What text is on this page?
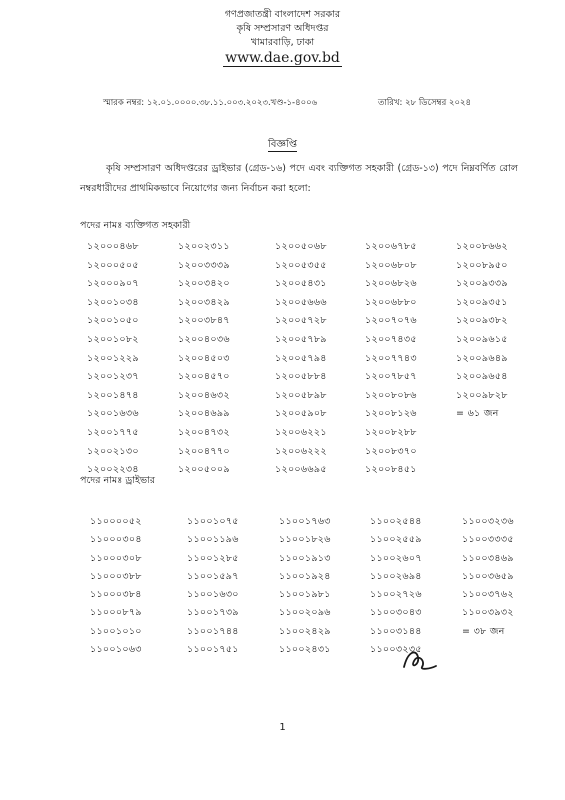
গণপ্রজাতন্ত্রী বাংলাদেশ সরকার
কৃষি সম্প্রসারণ অধিদপ্তর
খামারবাড়ি, ঢাকা
www.dae.gov.bd
স্মারক নম্বর: ১২.০১.০০০০.৩৮.১১.০০৩.২০২৩.খণ্ড-১-৪০০৬	তারিখ: ২৮ ডিসেম্বর ২০২৪
বিজ্ঞপ্তি
কৃষি সম্প্রসারণ অধিদপ্তরের ড্রাইভার (গ্রেড-১৬) পদে এবং ব্যক্তিগত সহকারী (গ্রেড-১৩) পদে নিম্নবর্ণিত রোল নম্বরধারীদের প্রাথমিকভাবে নিয়োগের জন্য নির্বাচন করা হলো:
পদের নামঃ ব্যক্তিগত সহকারী
১২০০০৪৬৮
১২০০০৫০৫
১২০০০৯০৭
১২০০১০৩৪
১২০০১০৫০
১২০০১০৮২
১২০০১২২৯
১২০০১২৩৭
১২০০১৪৭৪
১২০০১৬৩৬
১২০০১৭৭৫
১২০০২১৩০
১২০০২২৩৪
১২০০২৩১১
১২০০৩৩৩৯
১২০০৩৪২০
১২০০৩৪২৯
১২০০৩৮৪৭
১২০০৪০৩৬
১২০০৪৫০৩
১২০০৪৫৭০
১২০০৪৬৩২
১২০০৪৬৯৯
১২০০৪৭৩২
১২০০৪৭৭০
১২০০৫০০৯
১২০০৫০৬৮
১২০০৫৩৫৫
১২০০৫৪৩১
১২০০৫৬৬৬
১২০০৫৭২৮
১২০০৫৭৮৯
১২০০৫৭৯৪
১২০০৫৮৮৪
১২০০৫৮৯৮
১২০০৫৯০৮
১২০০৬২২১
১২০০৬২২২
১২০০৬৬৯৫
১২০০৬৭৮৫
১২০০৬৮০৮
১২০০৬৮২৬
১২০০৬৮৮০
১২০০৭০৭৬
১২০০৭৪৩৫
১২০০৭৭৪৩
১২০০৭৮৫৭
১২০০৮০৮৬
১২০০৮১২৬
১২০০৮২৮৮
১২০০৮৩৭০
১২০০৮৪৫১
১২০০৮৬৬২
১২০০৮৯৫০
১২০০৯৩৩৯
১২০০৯৩৫১
১২০০৯৩৮২
১২০০৯৬১৫
১২০০৯৬৪৯
১২০০৯৬৫৪
১২০০৯৮২৮
= ৬১ জন
পদের নামঃ ড্রাইভার
১১০০০০৫২
১১০০০৩০৪
১১০০০৩০৮
১১০০০৩৮৮
১১০০০৩৮৪
১১০০০৮৭৯
১১০০১০১০
১১০০১০৬৩
১১০০১০৭৫
১১০০১১৯৬
১১০০১২৮৫
১১০০১৫৯৭
১১০০১৬৩০
১১০০১৭৩৯
১১০০১৭৪৪
১১০০১৭৫১
১১০০১৭৬৩
১১০০১৮২৬
১১০০১৯১৩
১১০০১৯২৪
১১০০১৯৮১
১১০০২০৯৬
১১০০২৪২৯
১১০০২৪৩১
১১০০২৫৪৪
১১০০২৫৫৯
১১০০২৬০৭
১১০০২৬৯৪
১১০০২৭২৬
১১০০৩০৪৩
১১০০৩১৪৪
১১০০৩২৩৫
১১০০৩২৩৬
১১০০৩৩৩৫
১১০০৩৪৬৯
১১০০৩৬৫৯
১১০০৩৭৬২
১১০০৩৯৩২
= ৩৮ জন
1
